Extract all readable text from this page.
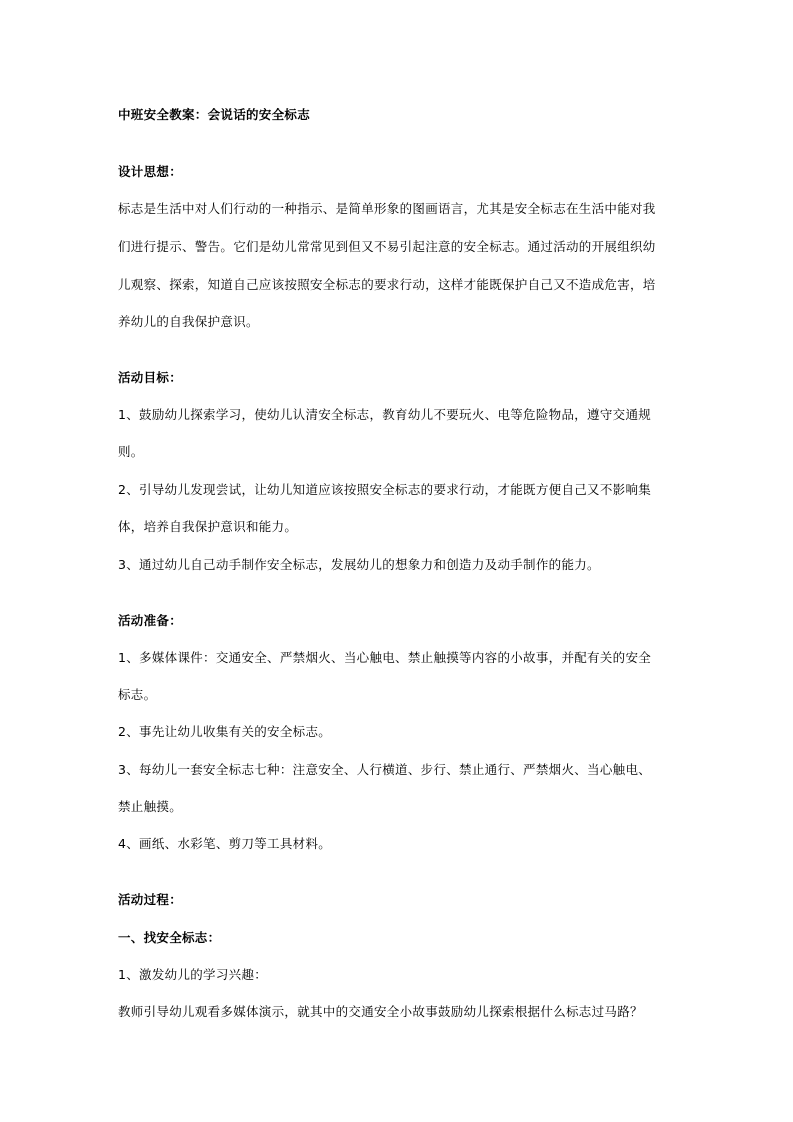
中班安全教案：会说话的安全标志
设计思想：
标志是生活中对人们行动的一种指示、是简单形象的图画语言，尤其是安全标志在生活中能对我
们进行提示、警告。它们是幼儿常常见到但又不易引起注意的安全标志。通过活动的开展组织幼
儿观察、探索，知道自己应该按照安全标志的要求行动，这样才能既保护自己又不造成危害，培
养幼儿的自我保护意识。
活动目标：
1、鼓励幼儿探索学习，使幼儿认清安全标志，教育幼儿不要玩火、电等危险物品，遵守交通规
则。
2、引导幼儿发现尝试，让幼儿知道应该按照安全标志的要求行动，才能既方便自己又不影响集
体，培养自我保护意识和能力。
3、通过幼儿自己动手制作安全标志，发展幼儿的想象力和创造力及动手制作的能力。
活动准备：
1、多媒体课件：交通安全、严禁烟火、当心触电、禁止触摸等内容的小故事，并配有关的安全
标志。
2、事先让幼儿收集有关的安全标志。
3、每幼儿一套安全标志七种：注意安全、人行横道、步行、禁止通行、严禁烟火、当心触电、
禁止触摸。
4、画纸、水彩笔、剪刀等工具材料。
活动过程：
一、找安全标志：
1、激发幼儿的学习兴趣：
教师引导幼儿观看多媒体演示，就其中的交通安全小故事鼓励幼儿探索根据什么标志过马路？
